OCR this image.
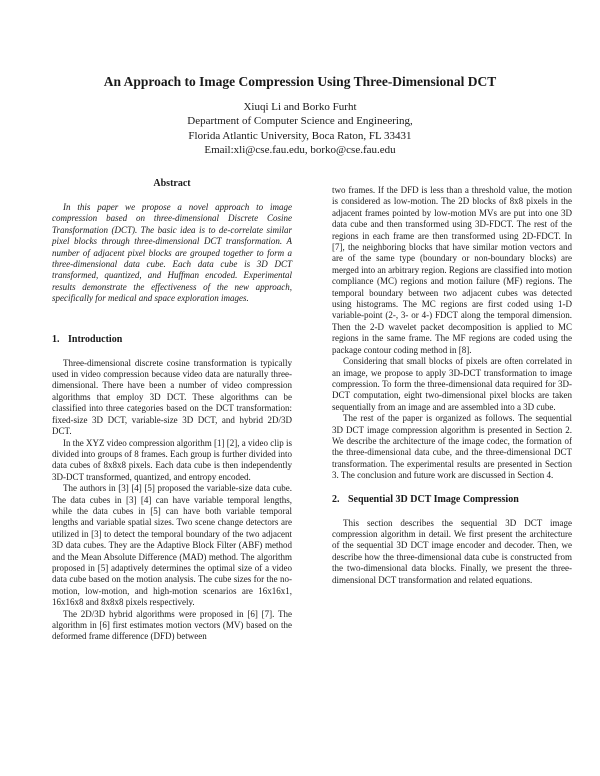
An Approach to Image Compression Using Three-Dimensional DCT
Xiuqi Li and Borko Furht
Department of Computer Science and Engineering,
Florida Atlantic University, Boca Raton, FL 33431
Email:xli@cse.fau.edu, borko@cse.fau.edu
Abstract

In this paper we propose a novel approach to image compression based on three-dimensional Discrete Cosine Transformation (DCT). The basic idea is to de-correlate similar pixel blocks through three-dimensional DCT transformation. A number of adjacent pixel blocks are grouped together to form a three-dimensional data cube. Each data cube is 3D DCT transformed, quantized, and Huffman encoded. Experimental results demonstrate the effectiveness of the new approach, specifically for medical and space exploration images.

1. Introduction

Three-dimensional discrete cosine transformation is typically used in video compression because video data are naturally three-dimensional. There have been a number of video compression algorithms that employ 3D DCT. These algorithms can be classified into three categories based on the DCT transformation: fixed-size 3D DCT, variable-size 3D DCT, and hybrid 2D/3D DCT.

In the XYZ video compression algorithm [1] [2], a video clip is divided into groups of 8 frames. Each group is further divided into data cubes of 8x8x8 pixels. Each data cube is then independently 3D-DCT transformed, quantized, and entropy encoded.

The authors in [3] [4] [5] proposed the variable-size data cube. The data cubes in [3] [4] can have variable temporal lengths, while the data cubes in [5] can have both variable temporal lengths and variable spatial sizes. Two scene change detectors are utilized in [3] to detect the temporal boundary of the two adjacent 3D data cubes. They are the Adaptive Block Filter (ABF) method and the Mean Absolute Difference (MAD) method. The algorithm proposed in [5] adaptively determines the optimal size of a video data cube based on the motion analysis. The cube sizes for the no-motion, low-motion, and high-motion scenarios are 16x16x1, 16x16x8 and 8x8x8 pixels respectively.

The 2D/3D hybrid algorithms were proposed in [6] [7]. The algorithm in [6] first estimates motion vectors (MV) based on the deformed frame difference (DFD) between

two frames. If the DFD is less than a threshold value, the motion is considered as low-motion. The 2D blocks of 8x8 pixels in the adjacent frames pointed by low-motion MVs are put into one 3D data cube and then transformed using 3D-FDCT. The rest of the regions in each frame are then transformed using 2D-FDCT. In [7], the neighboring blocks that have similar motion vectors and are of the same type (boundary or non-boundary blocks) are merged into an arbitrary region. Regions are classified into motion compliance (MC) regions and motion failure (MF) regions. The temporal boundary between two adjacent cubes was detected using histograms. The MC regions are first coded using 1-D variable-point (2-, 3- or 4-) FDCT along the temporal dimension. Then the 2-D wavelet packet decomposition is applied to MC regions in the same frame. The MF regions are coded using the package contour coding method in [8].

Considering that small blocks of pixels are often correlated in an image, we propose to apply 3D-DCT transformation to image compression. To form the three-dimensional data required for 3D-DCT computation, eight two-dimensional pixel blocks are taken sequentially from an image and are assembled into a 3D cube.

The rest of the paper is organized as follows. The sequential 3D DCT image compression algorithm is presented in Section 2. We describe the architecture of the image codec, the formation of the three-dimensional data cube, and the three-dimensional DCT transformation. The experimental results are presented in Section 3. The conclusion and future work are discussed in Section 4.

2. Sequential 3D DCT Image Compression

This section describes the sequential 3D DCT image compression algorithm in detail. We first present the architecture of the sequential 3D DCT image encoder and decoder. Then, we describe how the three-dimensional data cube is constructed from the two-dimensional data blocks. Finally, we present the three-dimensional DCT transformation and related equations.
